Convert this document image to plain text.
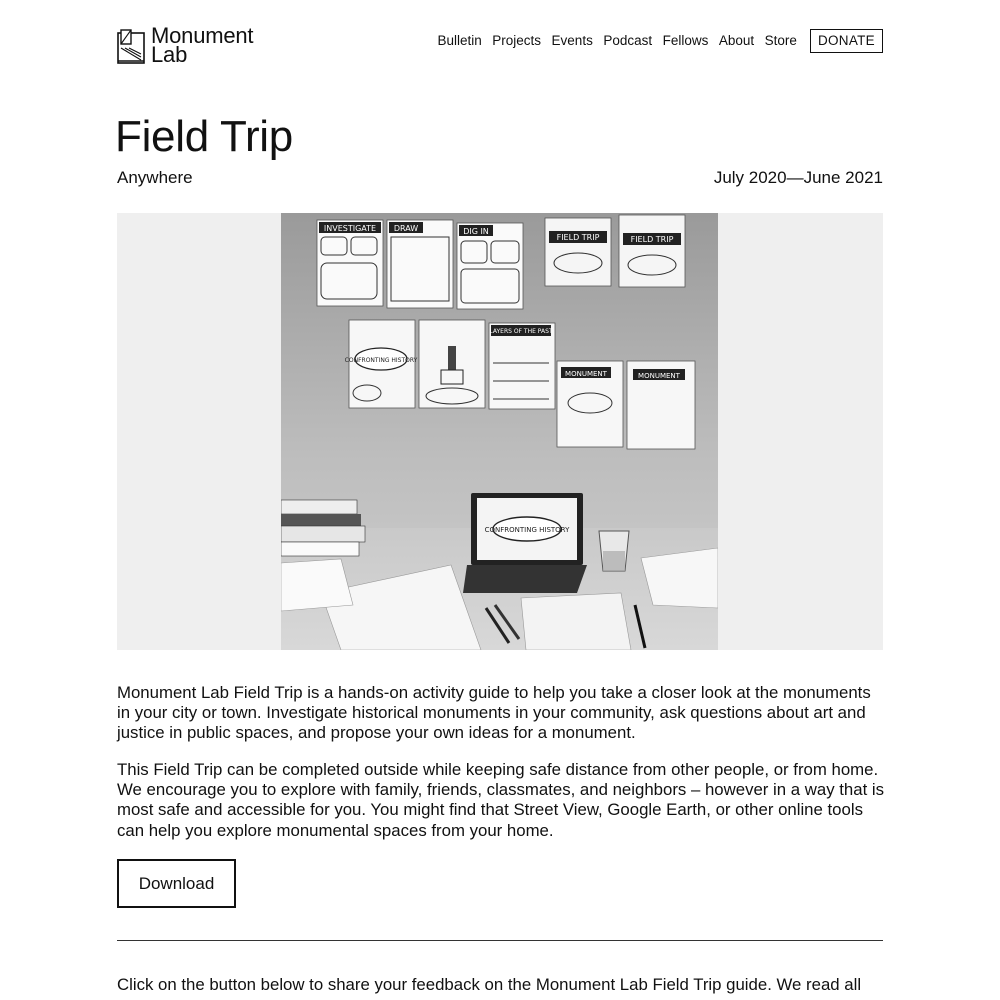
Monument
Lab
Bulletin Projects Events Podcast Fellows About Store	DONATE
Field Trip
Anywhere	July 2020—June 2021
INVESTIGATE DRAW	DIG IN
FIELD TRIP	FIELD TRIP
CONFRONTING HISTORY
LAYERS OF THE PAST
MONUMENT	MONUMENT
CONFRONTING HISTORY

Monument Lab Field Trip is a hands-on activity guide to help you take a closer look at the monuments in your city or town. Investigate historical monuments in your community, ask questions about art and justice in public spaces, and propose your own ideas for a monument.

This Field Trip can be completed outside while keeping safe distance from other people, or from home. We encourage you to explore with family, friends, classmates, and neighbors – however in a way that is most safe and accessible for you. You might find that Street View, Google Earth, or other online tools can help you explore monumental spaces from your home.

Download

Click on the button below to share your feedback on the Monument Lab Field Trip guide. We read all
